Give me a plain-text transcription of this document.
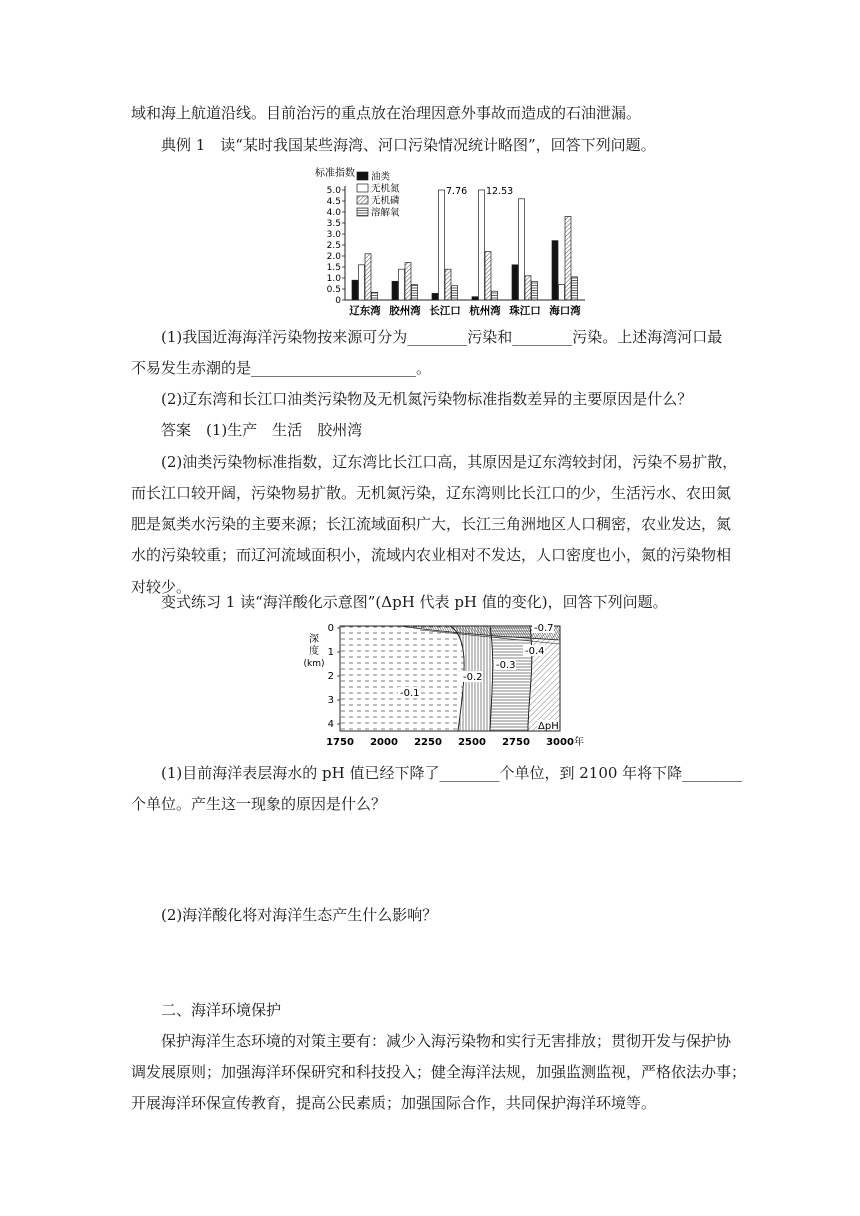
域和海上航道沿线。目前治污的重点放在治理因意外事故而造成的石油泄漏。
典例 1　读“某时我国某些海湾、河口污染情况统计略图”，回答下列问题。
标准指数
0
0.5
1.0
1.5
2.0
2.5
3.0
3.5
4.0
4.5
5.0
辽东湾 胶州湾 长江口 杭州湾 珠江口 海口湾
7.76 12.53
油类
无机氮
无机磷
溶解氧
(1)我国近海海洋污染物按来源可分为________污染和________污染。上述海湾河口最
不易发生赤潮的是______________________。
(2)辽东湾和长江口油类污染物及无机氮污染物标准指数差异的主要原因是什么？
答案　(1)生产　生活　胶州湾
(2)油类污染物标准指数，辽东湾比长江口高，其原因是辽东湾较封闭，污染不易扩散，
而长江口较开阔，污染物易扩散。无机氮污染，辽东湾则比长江口的少，生活污水、农田氮
肥是氮类水污染的主要来源；长江流域面积广大，长江三角洲地区人口稠密，农业发达，氮
水的污染较重；而辽河流域面积小，流域内农业相对不发达，人口密度也小，氮的污染物相
对较少。
变式练习 1 读“海洋酸化示意图”(ΔpH 代表 pH 值的变化)，回答下列问题。
深
度
(km)
0
1
2
3
4
1750 2000 2250 2500 2750 3000 年
-0.1
-0.2
-0.3
-0.4
-0.7
ΔpH
(1)目前海洋表层海水的 pH 值已经下降了________个单位，到 2100 年将下降________
个单位。产生这一现象的原因是什么？
(2)海洋酸化将对海洋生态产生什么影响？
二、海洋环境保护
保护海洋生态环境的对策主要有：减少入海污染物和实行无害排放；贯彻开发与保护协
调发展原则；加强海洋环保研究和科技投入；健全海洋法规，加强监测监视，严格依法办事；
开展海洋环保宣传教育，提高公民素质；加强国际合作，共同保护海洋环境等。
